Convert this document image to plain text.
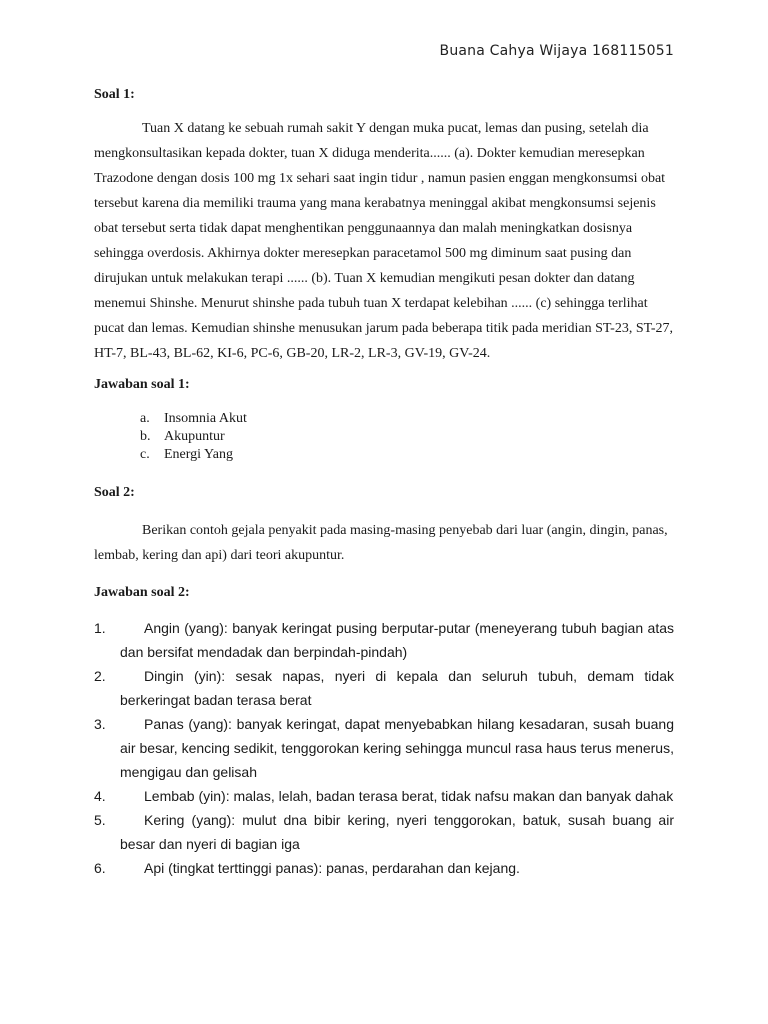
Buana Cahya Wijaya 168115051

Soal 1:

Tuan X datang ke sebuah rumah sakit Y dengan muka pucat, lemas dan pusing, setelah dia mengkonsultasikan kepada dokter, tuan X diduga menderita...... (a). Dokter kemudian meresepkan Trazodone dengan dosis 100 mg 1x sehari saat ingin tidur , namun pasien enggan mengkonsumsi obat tersebut karena dia memiliki trauma yang mana kerabatnya meninggal akibat mengkonsumsi sejenis obat tersebut serta tidak dapat menghentikan penggunaannya dan malah meningkatkan dosisnya sehingga overdosis. Akhirnya dokter meresepkan paracetamol 500 mg diminum saat pusing dan dirujukan untuk melakukan terapi ...... (b). Tuan X kemudian mengikuti pesan dokter dan datang menemui Shinshe. Menurut shinshe pada tubuh tuan X terdapat kelebihan ...... (c) sehingga terlihat pucat dan lemas. Kemudian shinshe menusukan jarum pada beberapa titik pada meridian ST-23, ST-27, HT-7, BL-43, BL-62, KI-6, PC-6, GB-20, LR-2, LR-3, GV-19, GV-24.

Jawaban soal 1:

a. Insomnia Akut
b. Akupuntur
c. Energi Yang

Soal 2:

Berikan contoh gejala penyakit pada masing-masing penyebab dari luar (angin, dingin, panas, lembab, kering dan api) dari teori akupuntur.

Jawaban soal 2:

1.	Angin (yang): banyak keringat pusing berputar-putar (meneyerang tubuh bagian atas dan bersifat mendadak dan berpindah-pindah)
2.	Dingin (yin): sesak napas, nyeri di kepala dan seluruh tubuh, demam tidak berkeringat badan terasa berat
3.	Panas (yang): banyak keringat, dapat menyebabkan hilang kesadaran, susah buang air besar, kencing sedikit, tenggorokan kering sehingga muncul rasa haus terus menerus, mengigau dan gelisah
4.	Lembab (yin): malas, lelah, badan terasa berat, tidak nafsu makan dan banyak dahak
5.	Kering (yang): mulut dna bibir kering, nyeri tenggorokan, batuk, susah buang air besar dan nyeri di bagian iga
6.	Api (tingkat terttinggi panas): panas, perdarahan dan kejang.
